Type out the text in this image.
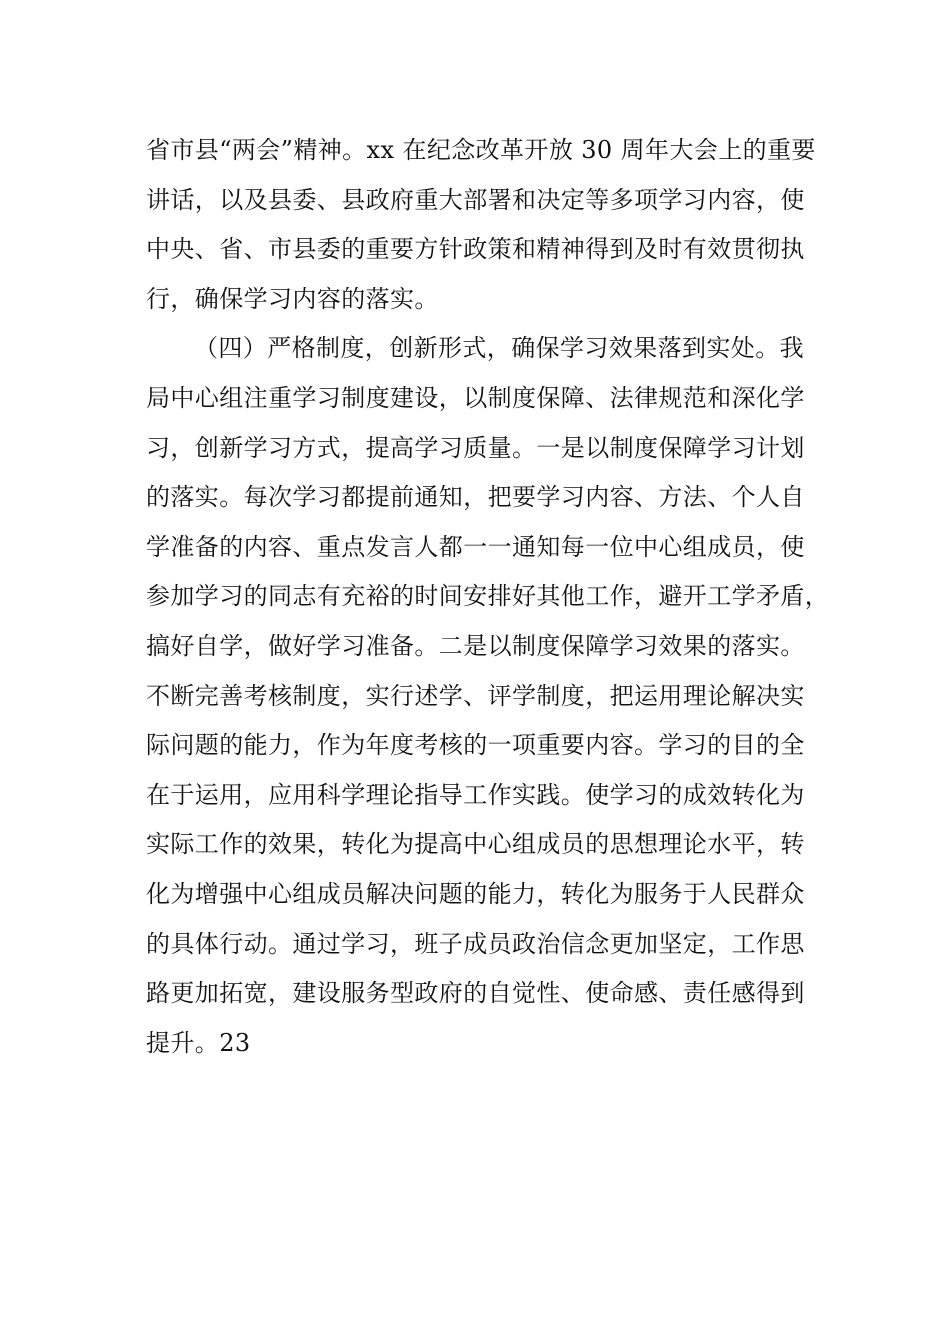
省市县“两会”精神。xx 在纪念改革开放 30 周年大会上的重要
讲话，以及县委、县政府重大部署和决定等多项学习内容，使
中央、省、市县委的重要方针政策和精神得到及时有效贯彻执
行，确保学习内容的落实。
（四）严格制度，创新形式，确保学习效果落到实处。我
局中心组注重学习制度建设，以制度保障、法律规范和深化学
习，创新学习方式，提高学习质量。一是以制度保障学习计划
的落实。每次学习都提前通知，把要学习内容、方法、个人自
学准备的内容、重点发言人都一一通知每一位中心组成员，使
参加学习的同志有充裕的时间安排好其他工作，避开工学矛盾，
搞好自学，做好学习准备。二是以制度保障学习效果的落实。
不断完善考核制度，实行述学、评学制度，把运用理论解决实
际问题的能力，作为年度考核的一项重要内容。学习的目的全
在于运用，应用科学理论指导工作实践。使学习的成效转化为
实际工作的效果，转化为提高中心组成员的思想理论水平，转
化为增强中心组成员解决问题的能力，转化为服务于人民群众
的具体行动。通过学习，班子成员政治信念更加坚定，工作思
路更加拓宽，建设服务型政府的自觉性、使命感、责任感得到
提升。23
